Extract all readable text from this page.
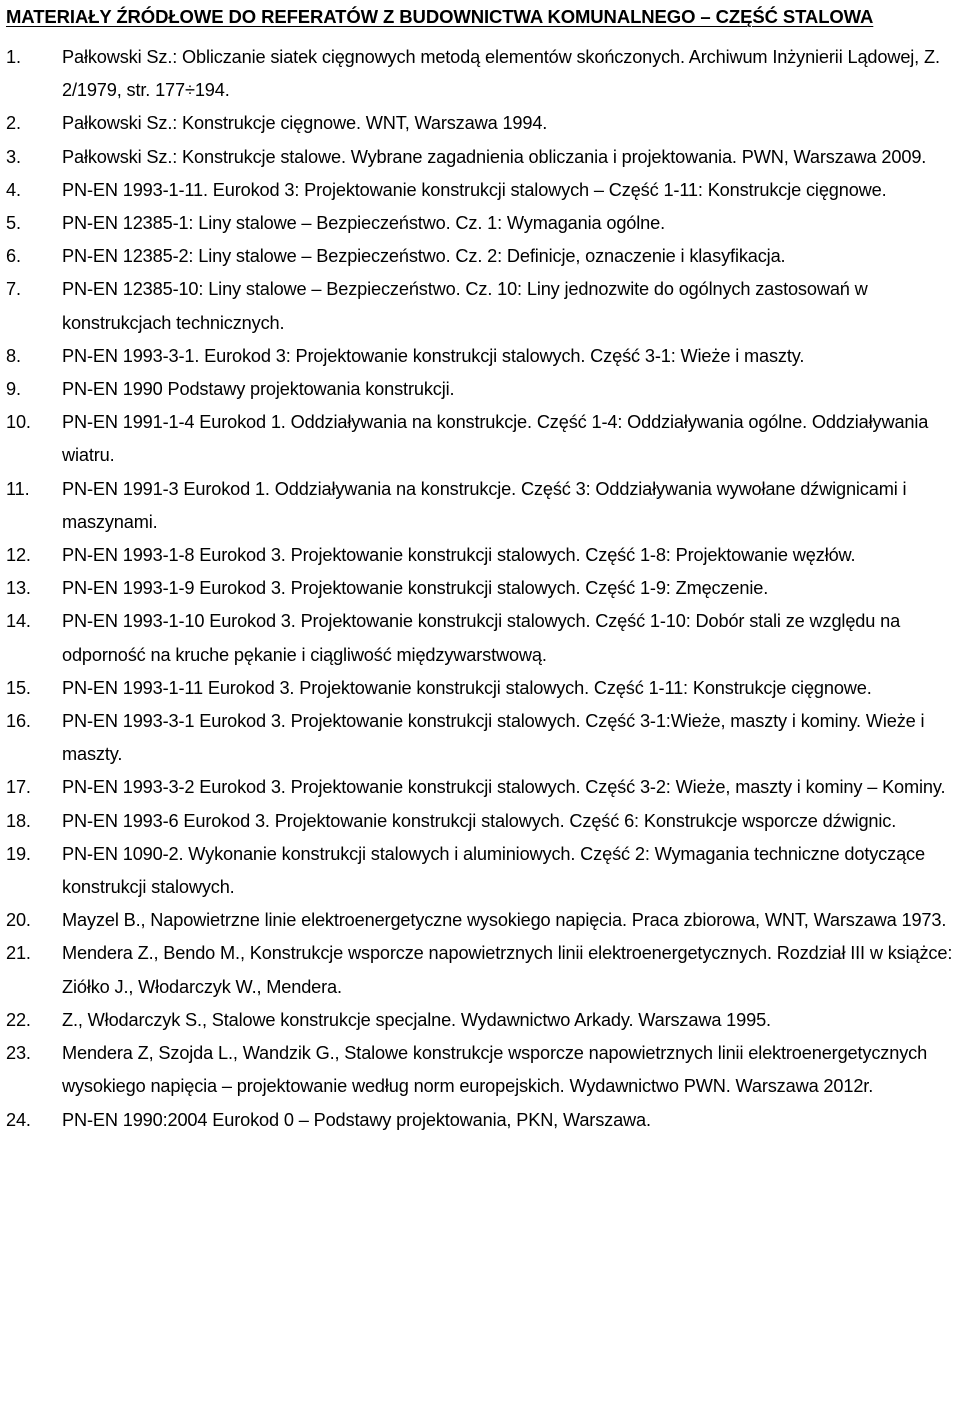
MATERIAŁY ŹRÓDŁOWE DO REFERATÓW Z BUDOWNICTWA KOMUNALNEGO – CZĘŚĆ STALOWA
1.	Pałkowski Sz.: Obliczanie siatek cięgnowych metodą elementów skończonych. Archiwum Inżynierii Lądowej, Z. 2/1979, str. 177÷194.
2.	Pałkowski Sz.: Konstrukcje cięgnowe. WNT, Warszawa 1994.
3.	Pałkowski Sz.: Konstrukcje stalowe. Wybrane zagadnienia obliczania i projektowania. PWN, Warszawa 2009.
4.	PN-EN 1993-1-11. Eurokod 3: Projektowanie konstrukcji stalowych – Część 1-11: Konstrukcje cięgnowe.
5.	PN-EN 12385-1: Liny stalowe – Bezpieczeństwo. Cz. 1: Wymagania ogólne.
6.	PN-EN 12385-2: Liny stalowe – Bezpieczeństwo. Cz. 2: Definicje, oznaczenie i klasyfikacja.
7.	PN-EN 12385-10: Liny stalowe – Bezpieczeństwo. Cz. 10: Liny jednozwite do ogólnych zastosowań w konstrukcjach technicznych.
8.	PN-EN 1993-3-1. Eurokod 3: Projektowanie konstrukcji stalowych. Część 3-1: Wieże i maszty.
9.	PN-EN 1990 Podstawy projektowania konstrukcji.
10.	PN-EN 1991-1-4 Eurokod 1. Oddziaływania na konstrukcje. Część 1-4: Oddziaływania ogólne. Oddziaływania wiatru.
11.	PN-EN 1991-3 Eurokod 1. Oddziaływania na konstrukcje. Część 3: Oddziaływania wywołane dźwignicami i maszynami.
12.	PN-EN 1993-1-8 Eurokod 3. Projektowanie konstrukcji stalowych. Część 1-8: Projektowanie węzłów.
13.	PN-EN 1993-1-9 Eurokod 3. Projektowanie konstrukcji stalowych. Część 1-9: Zmęczenie.
14.	PN-EN 1993-1-10 Eurokod 3. Projektowanie konstrukcji stalowych. Część 1-10: Dobór stali ze względu na odporność na kruche pękanie i ciągliwość międzywarstwową.
15.	PN-EN 1993-1-11 Eurokod 3. Projektowanie konstrukcji stalowych. Część 1-11: Konstrukcje cięgnowe.
16.	PN-EN 1993-3-1 Eurokod 3. Projektowanie konstrukcji stalowych. Część 3-1:Wieże, maszty i kominy. Wieże i maszty.
17.	PN-EN 1993-3-2 Eurokod 3. Projektowanie konstrukcji stalowych. Część 3-2: Wieże, maszty i kominy – Kominy.
18.	PN-EN 1993-6 Eurokod 3. Projektowanie konstrukcji stalowych. Część 6: Konstrukcje wsporcze dźwignic.
19.	PN-EN 1090-2. Wykonanie konstrukcji stalowych i aluminiowych. Część 2: Wymagania techniczne dotyczące konstrukcji stalowych.
20.	Mayzel B., Napowietrzne linie elektroenergetyczne wysokiego napięcia. Praca zbiorowa, WNT, Warszawa 1973.
21.	Mendera Z., Bendo M., Konstrukcje wsporcze napowietrznych linii elektroenergetycznych. Rozdział III w książce: Ziółko J., Włodarczyk W., Mendera.
22.	Z., Włodarczyk S., Stalowe konstrukcje specjalne. Wydawnictwo Arkady. Warszawa 1995.
23.	Mendera Z, Szojda L., Wandzik G., Stalowe konstrukcje wsporcze napowietrznych linii elektroenergetycznych wysokiego napięcia – projektowanie według norm europejskich. Wydawnictwo PWN. Warszawa 2012r.
24.	PN-EN 1990:2004 Eurokod 0 – Podstawy projektowania, PKN, Warszawa.
